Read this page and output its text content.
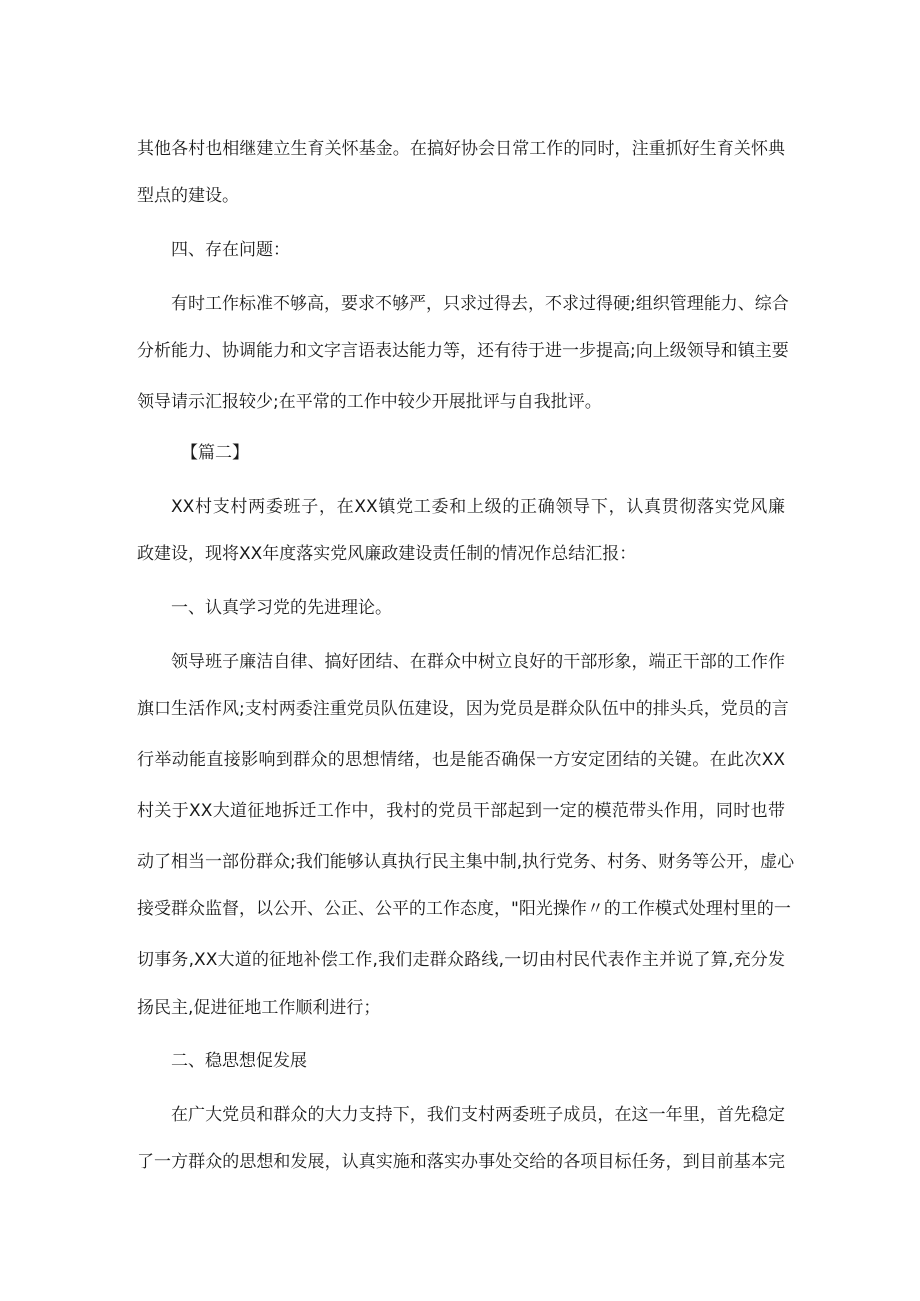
其他各村也相继建立生育关怀基金。在搞好协会日常工作的同时，注重抓好生育关怀典
型点的建设。
四、存在问题：
有时工作标准不够高，要求不够严，只求过得去，不求过得硬;组织管理能力、综合
分析能力、协调能力和文字言语表达能力等，还有待于进一步提高;向上级领导和镇主要
领导请示汇报较少;在平常的工作中较少开展批评与自我批评。
【篇二】
XX村支村两委班子，在XX镇党工委和上级的正确领导下，认真贯彻落实党风廉
政建设，现将XX年度落实党风廉政建设责任制的情况作总结汇报：
一、认真学习党的先进理论。
领导班子廉洁自律、搞好团结、在群众中树立良好的干部形象，端正干部的工作作
旗口生活作风;支村两委注重党员队伍建设，因为党员是群众队伍中的排头兵，党员的言
行举动能直接影响到群众的思想情绪，也是能否确保一方安定团结的关键。在此次XX
村关于XX大道征地拆迁工作中，我村的党员干部起到一定的模范带头作用，同时也带
动了相当一部份群众;我们能够认真执行民主集中制,执行党务、村务、财务等公开，虚心
接受群众监督，以公开、公正、公平的工作态度，"阳光操作〃的工作模式处理村里的一
切事务,XX大道的征地补偿工作,我们走群众路线,一切由村民代表作主并说了算,充分发
扬民主,促进征地工作顺利进行；
二、稳思想促发展
在广大党员和群众的大力支持下，我们支村两委班子成员，在这一年里，首先稳定
了一方群众的思想和发展，认真实施和落实办事处交给的各项目标任务，到目前基本完
